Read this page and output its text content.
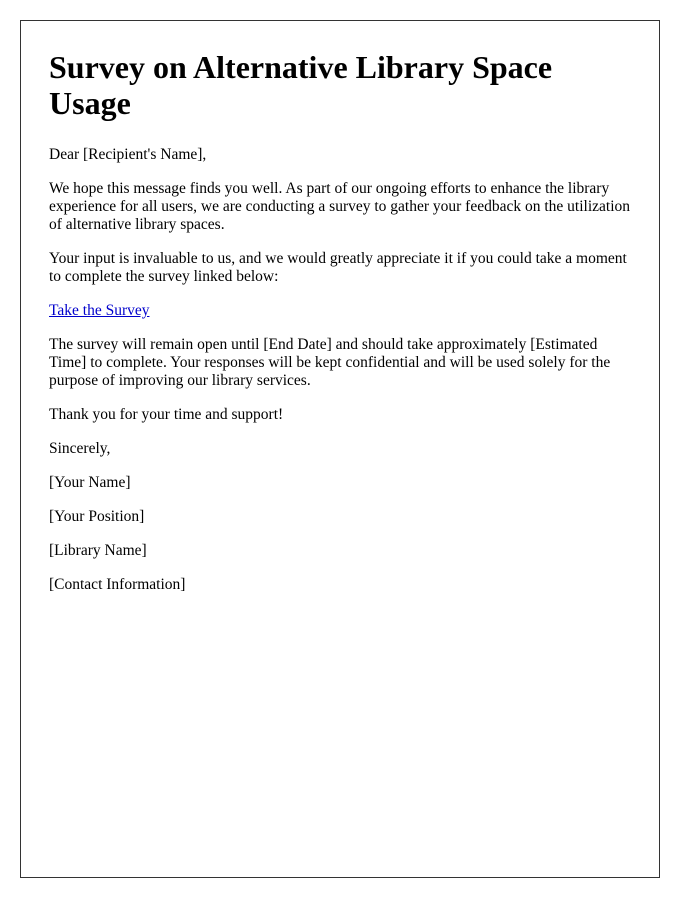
Survey on Alternative Library Space Usage

Dear [Recipient's Name],

We hope this message finds you well. As part of our ongoing efforts to enhance the library experience for all users, we are conducting a survey to gather your feedback on the utilization of alternative library spaces.

Your input is invaluable to us, and we would greatly appreciate it if you could take a moment to complete the survey linked below:

Take the Survey

The survey will remain open until [End Date] and should take approximately [Estimated Time] to complete. Your responses will be kept confidential and will be used solely for the purpose of improving our library services.

Thank you for your time and support!

Sincerely,

[Your Name]

[Your Position]

[Library Name]

[Contact Information]
